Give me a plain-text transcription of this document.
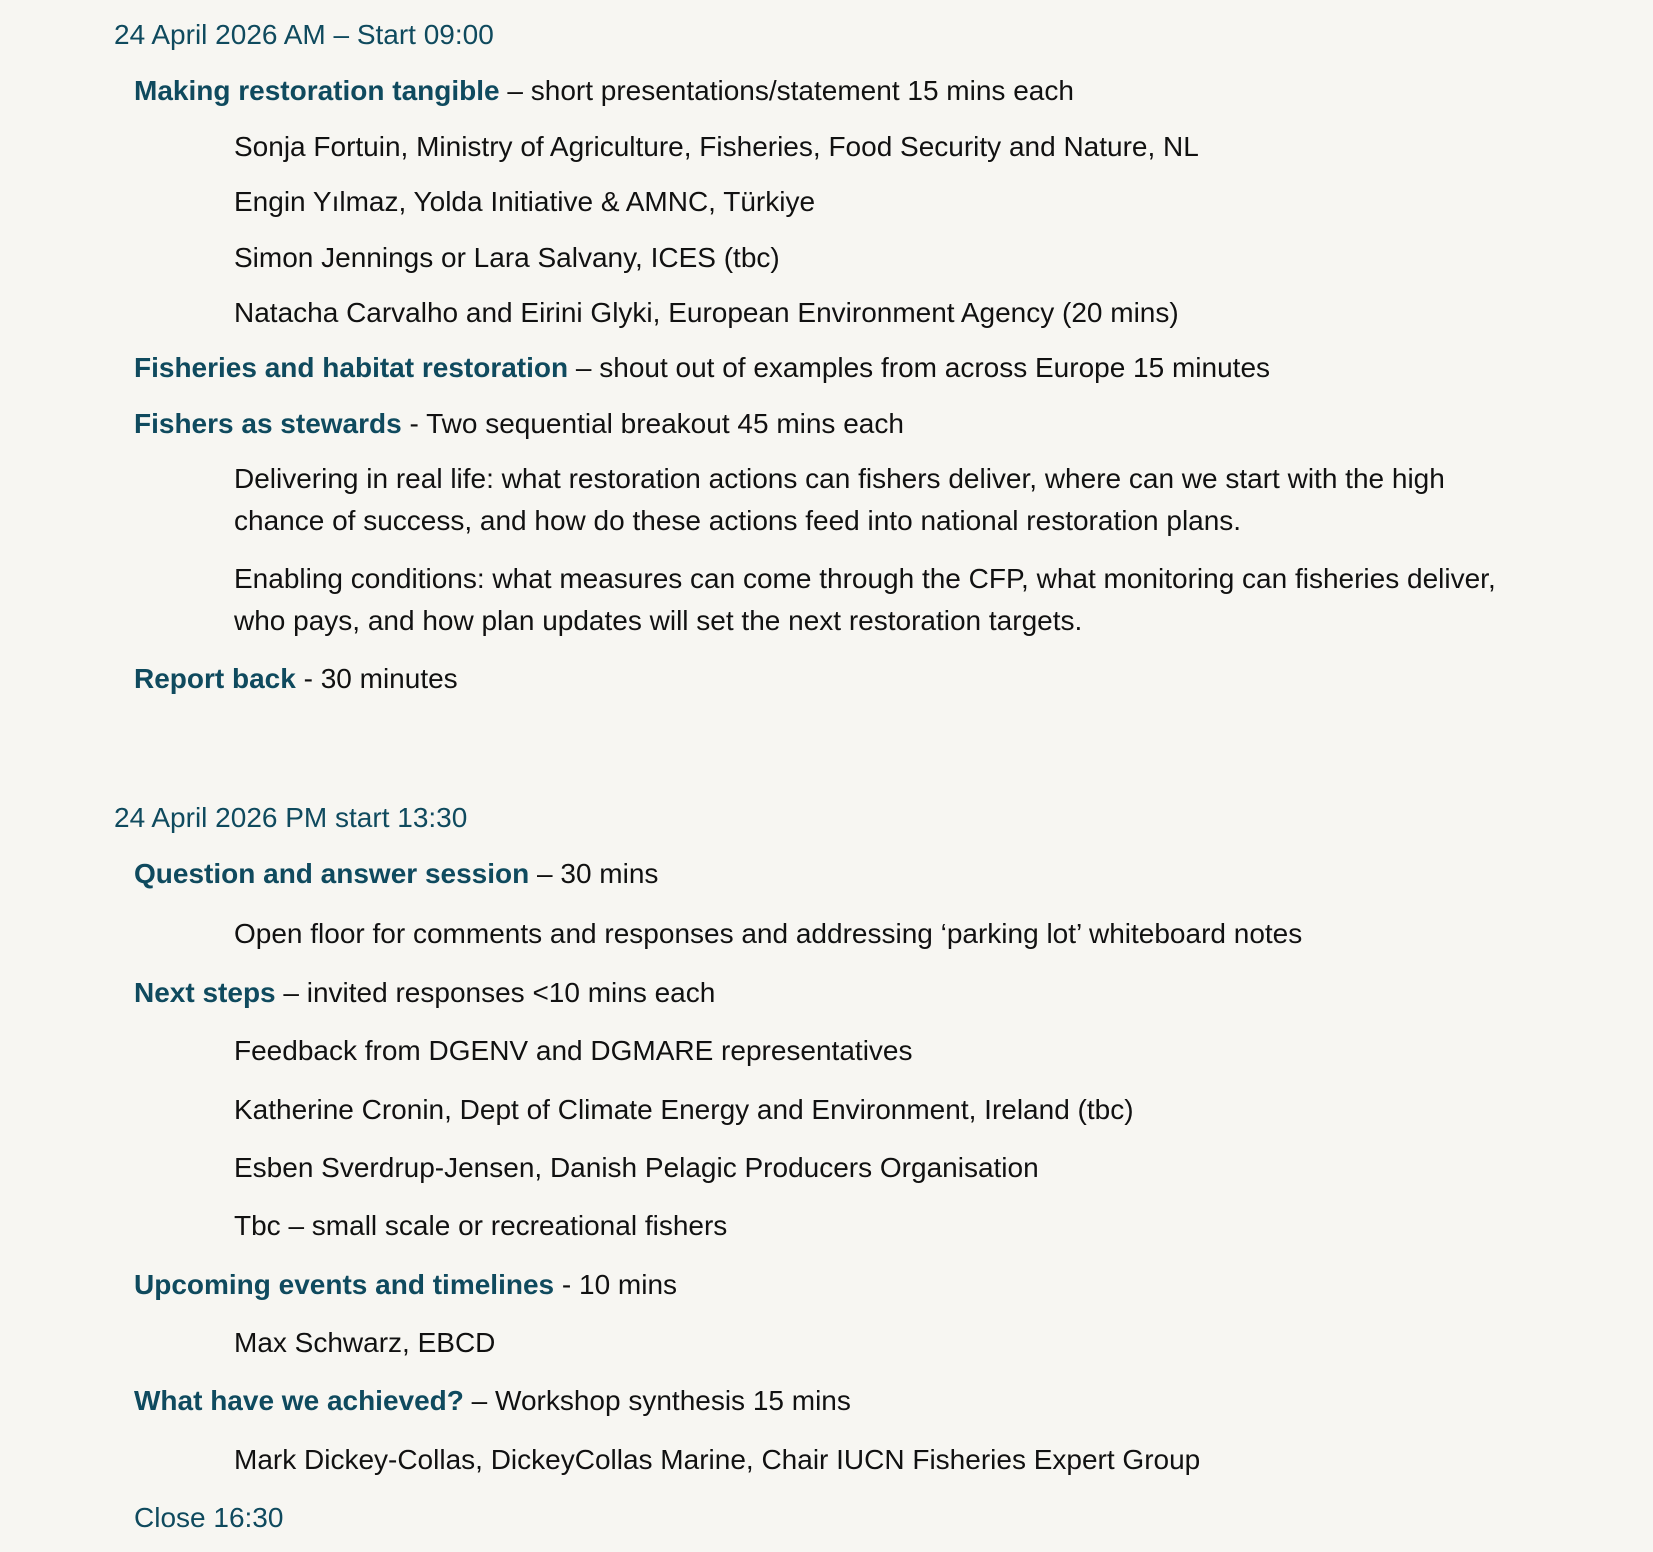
24 April 2026 AM – Start 09:00
Making restoration tangible – short presentations/statement 15 mins each
Sonja Fortuin, Ministry of Agriculture, Fisheries, Food Security and Nature, NL
Engin Yılmaz, Yolda Initiative & AMNC, Türkiye
Simon Jennings or Lara Salvany, ICES (tbc)
Natacha Carvalho and Eirini Glyki, European Environment Agency (20 mins)
Fisheries and habitat restoration – shout out of examples from across Europe 15 minutes
Fishers as stewards - Two sequential breakout 45 mins each
Delivering in real life: what restoration actions can fishers deliver, where can we start with the high chance of success, and how do these actions feed into national restoration plans.
Enabling conditions: what measures can come through the CFP, what monitoring can fisheries deliver, who pays, and how plan updates will set the next restoration targets.
Report back - 30 minutes
24 April 2026 PM start 13:30
Question and answer session – 30 mins
Open floor for comments and responses and addressing ‘parking lot’ whiteboard notes
Next steps – invited responses <10 mins each
Feedback from DGENV and DGMARE representatives
Katherine Cronin, Dept of Climate Energy and Environment, Ireland (tbc)
Esben Sverdrup-Jensen, Danish Pelagic Producers Organisation
Tbc – small scale or recreational fishers
Upcoming events and timelines - 10 mins
Max Schwarz, EBCD
What have we achieved? – Workshop synthesis 15 mins
Mark Dickey-Collas, DickeyCollas Marine, Chair IUCN Fisheries Expert Group
Close 16:30
